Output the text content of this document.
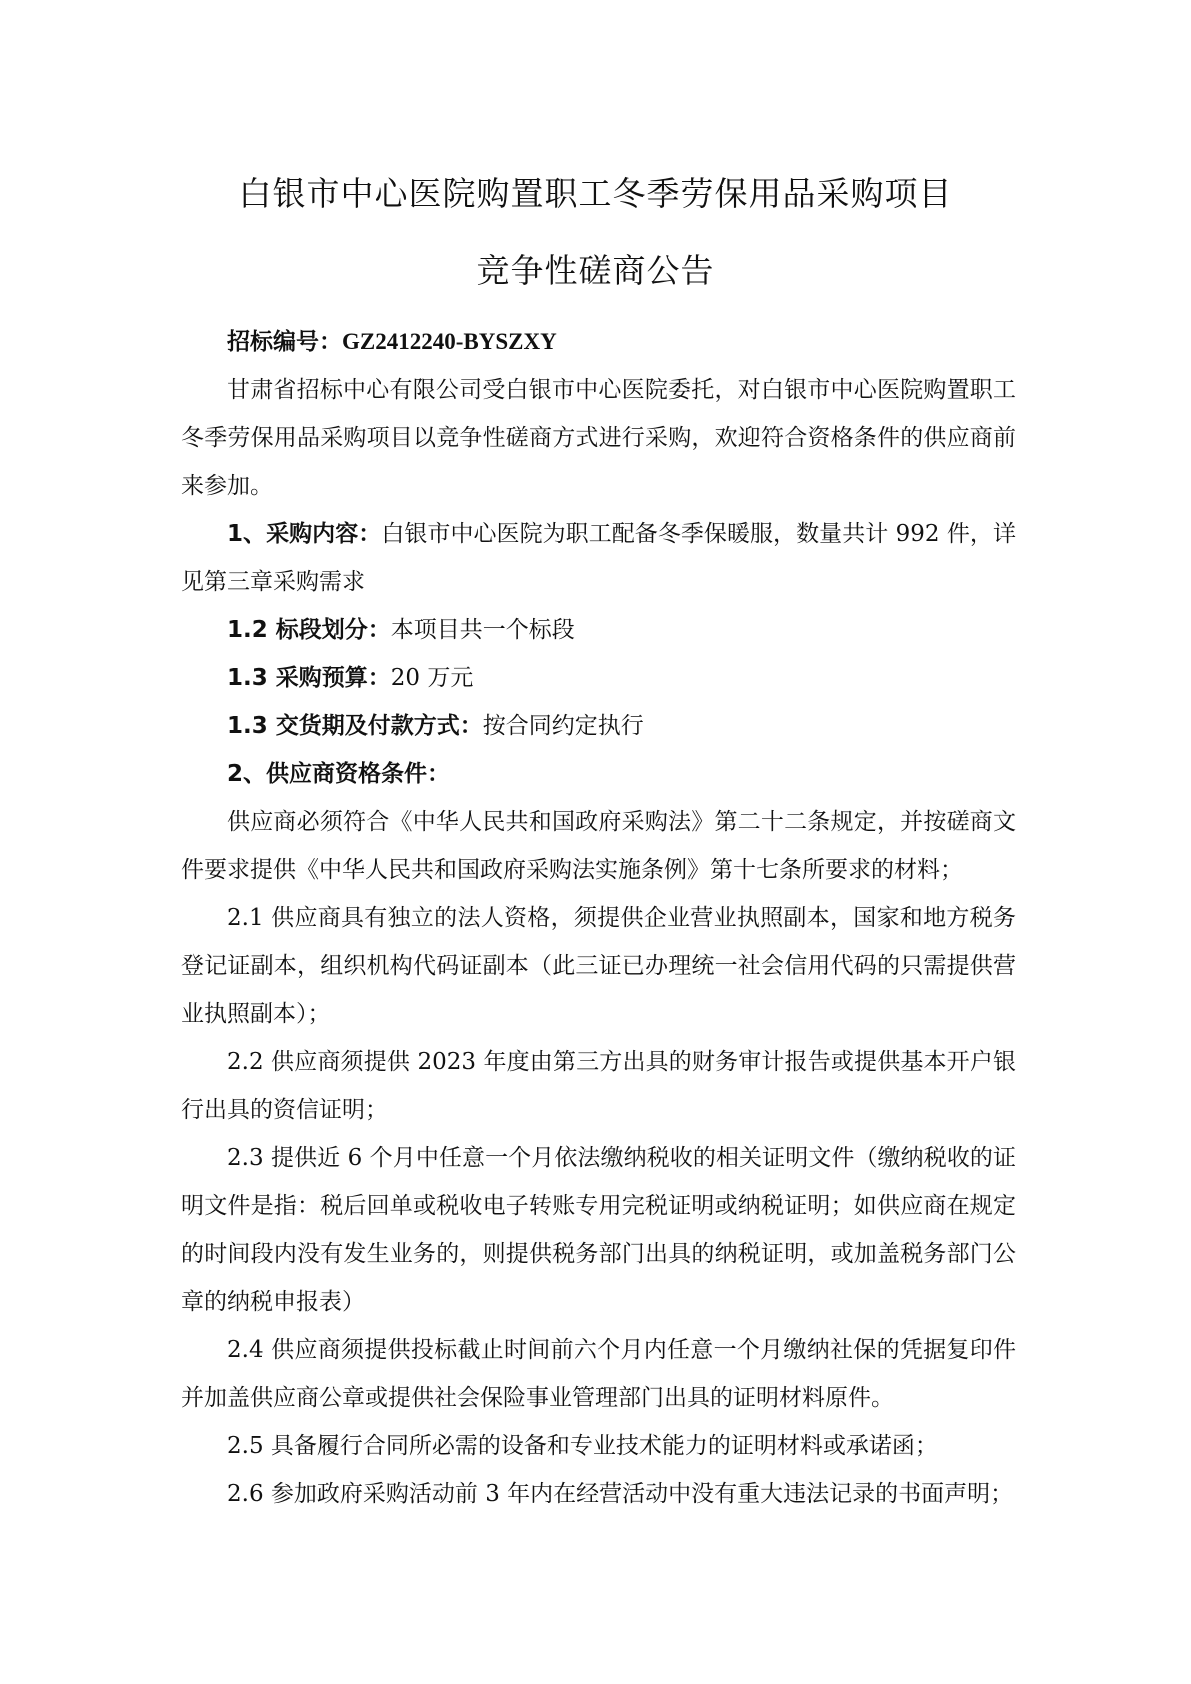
白银市中心医院购置职工冬季劳保用品采购项目
竞争性磋商公告

招标编号：GZ2412240-BYSZXY

甘肃省招标中心有限公司受白银市中心医院委托，对白银市中心医院购置职工冬季劳保用品采购项目以竞争性磋商方式进行采购，欢迎符合资格条件的供应商前来参加。

1、采购内容：白银市中心医院为职工配备冬季保暖服，数量共计 992 件，详见第三章采购需求

1.2 标段划分：本项目共一个标段

1.3 采购预算：20 万元

1.3 交货期及付款方式：按合同约定执行

2、供应商资格条件：

供应商必须符合《中华人民共和国政府采购法》第二十二条规定，并按磋商文件要求提供《中华人民共和国政府采购法实施条例》第十七条所要求的材料；

2.1 供应商具有独立的法人资格，须提供企业营业执照副本，国家和地方税务登记证副本，组织机构代码证副本（此三证已办理统一社会信用代码的只需提供营业执照副本）；

2.2 供应商须提供 2023 年度由第三方出具的财务审计报告或提供基本开户银行出具的资信证明；

2.3 提供近 6 个月中任意一个月依法缴纳税收的相关证明文件（缴纳税收的证明文件是指：税后回单或税收电子转账专用完税证明或纳税证明；如供应商在规定的时间段内没有发生业务的，则提供税务部门出具的纳税证明，或加盖税务部门公章的纳税申报表）

2.4 供应商须提供投标截止时间前六个月内任意一个月缴纳社保的凭据复印件并加盖供应商公章或提供社会保险事业管理部门出具的证明材料原件。

2.5 具备履行合同所必需的设备和专业技术能力的证明材料或承诺函；

2.6 参加政府采购活动前 3 年内在经营活动中没有重大违法记录的书面声明；
